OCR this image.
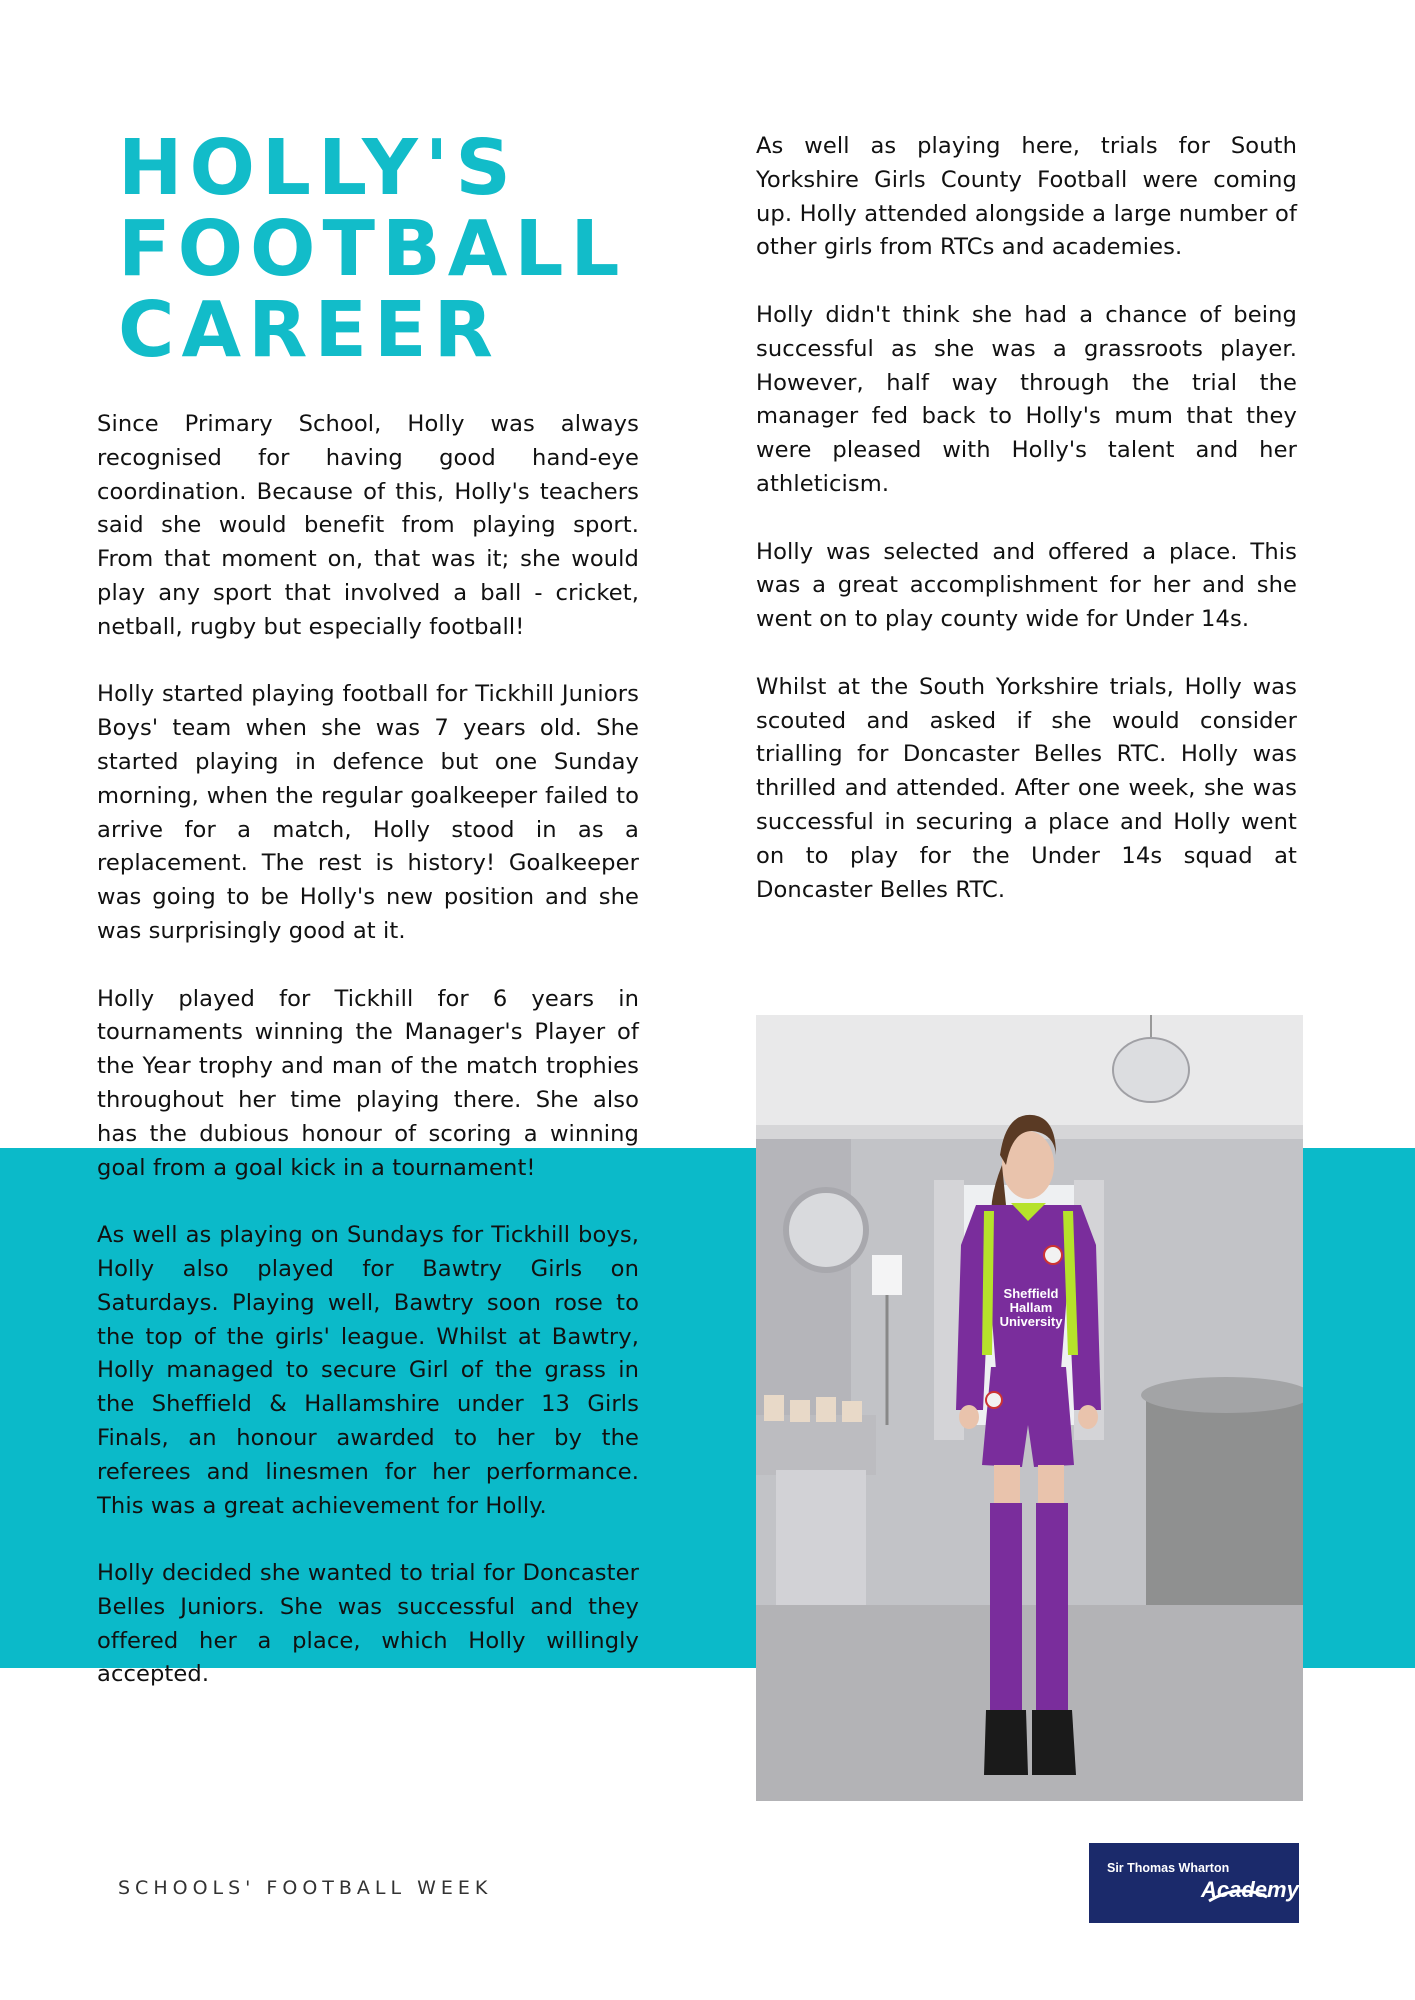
HOLLY'S
FOOTBALL
CAREER

Since Primary School, Holly was always recognised for having good hand-eye coordination. Because of this, Holly's teachers said she would benefit from playing sport. From that moment on, that was it; she would play any sport that involved a ball - cricket, netball, rugby but especially football!

Holly started playing football for Tickhill Juniors Boys' team when she was 7 years old. She started playing in defence but one Sunday morning, when the regular goalkeeper failed to arrive for a match, Holly stood in as a replacement. The rest is history! Goalkeeper was going to be Holly's new position and she was surprisingly good at it.

Holly played for Tickhill for 6 years in tournaments winning the Manager's Player of the Year trophy and man of the match trophies throughout her time playing there. She also has the dubious honour of scoring a winning goal from a goal kick in a tournament!

As well as playing on Sundays for Tickhill boys, Holly also played for Bawtry Girls on Saturdays. Playing well, Bawtry soon rose to the top of the girls' league. Whilst at Bawtry, Holly managed to secure Girl of the grass in the Sheffield & Hallamshire under 13 Girls Finals, an honour awarded to her by the referees and linesmen for her performance. This was a great achievement for Holly.

Holly decided she wanted to trial for Doncaster Belles Juniors. She was successful and they offered her a place, which Holly willingly accepted.

As well as playing here, trials for South Yorkshire Girls County Football were coming up. Holly attended alongside a large number of other girls from RTCs and academies.

Holly didn't think she had a chance of being successful as she was a grassroots player. However, half way through the trial the manager fed back to Holly's mum that they were pleased with Holly's talent and her athleticism.

Holly was selected and offered a place. This was a great accomplishment for her and she went on to play county wide for Under 14s.

Whilst at the South Yorkshire trials, Holly was scouted and asked if she would consider trialling for Doncaster Belles RTC. Holly was thrilled and attended. After one week, she was successful in securing a place and Holly went on to play for the Under 14s squad at Doncaster Belles RTC.

Sheffield
Hallam
University
SCHOOLS' FOOTBALL WEEK
Sir Thomas Wharton
Academy
